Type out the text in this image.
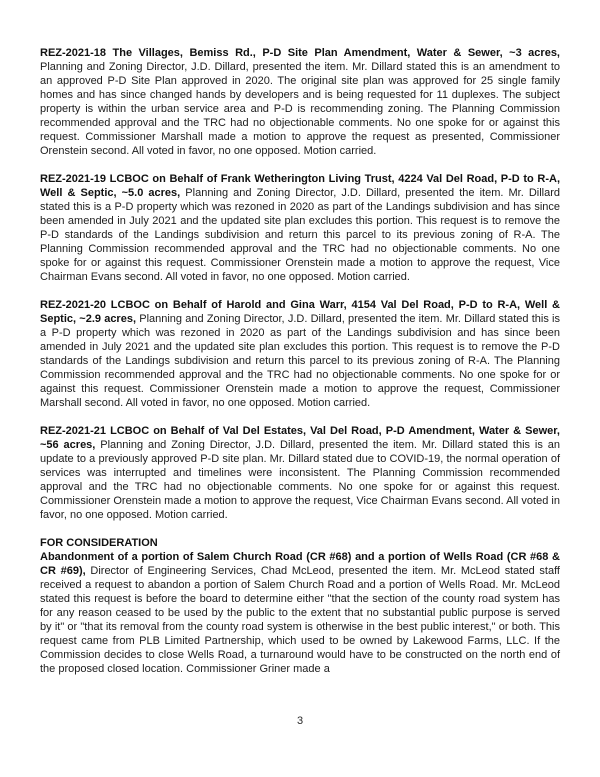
REZ-2021-18 The Villages, Bemiss Rd., P-D Site Plan Amendment, Water & Sewer, ~3 acres, Planning and Zoning Director, J.D. Dillard, presented the item. Mr. Dillard stated this is an amendment to an approved P-D Site Plan approved in 2020. The original site plan was approved for 25 single family homes and has since changed hands by developers and is being requested for 11 duplexes. The subject property is within the urban service area and P-D is recommending zoning. The Planning Commission recommended approval and the TRC had no objectionable comments. No one spoke for or against this request. Commissioner Marshall made a motion to approve the request as presented, Commissioner Orenstein second. All voted in favor, no one opposed. Motion carried.

REZ-2021-19 LCBOC on Behalf of Frank Wetherington Living Trust, 4224 Val Del Road, P-D to R-A, Well & Septic, ~5.0 acres, Planning and Zoning Director, J.D. Dillard, presented the item. Mr. Dillard stated this is a P-D property which was rezoned in 2020 as part of the Landings subdivision and has since been amended in July 2021 and the updated site plan excludes this portion. This request is to remove the P-D standards of the Landings subdivision and return this parcel to its previous zoning of R-A. The Planning Commission recommended approval and the TRC had no objectionable comments. No one spoke for or against this request. Commissioner Orenstein made a motion to approve the request, Vice Chairman Evans second. All voted in favor, no one opposed. Motion carried.

REZ-2021-20 LCBOC on Behalf of Harold and Gina Warr, 4154 Val Del Road, P-D to R-A, Well & Septic, ~2.9 acres, Planning and Zoning Director, J.D. Dillard, presented the item. Mr. Dillard stated this is a P-D property which was rezoned in 2020 as part of the Landings subdivision and has since been amended in July 2021 and the updated site plan excludes this portion. This request is to remove the P-D standards of the Landings subdivision and return this parcel to its previous zoning of R-A. The Planning Commission recommended approval and the TRC had no objectionable comments. No one spoke for or against this request. Commissioner Orenstein made a motion to approve the request, Commissioner Marshall second. All voted in favor, no one opposed. Motion carried.

REZ-2021-21 LCBOC on Behalf of Val Del Estates, Val Del Road, P-D Amendment, Water & Sewer, ~56 acres, Planning and Zoning Director, J.D. Dillard, presented the item. Mr. Dillard stated this is an update to a previously approved P-D site plan. Mr. Dillard stated due to COVID-19, the normal operation of services was interrupted and timelines were inconsistent. The Planning Commission recommended approval and the TRC had no objectionable comments. No one spoke for or against this request. Commissioner Orenstein made a motion to approve the request, Vice Chairman Evans second. All voted in favor, no one opposed. Motion carried.

FOR CONSIDERATION

Abandonment of a portion of Salem Church Road (CR #68) and a portion of Wells Road (CR #68 & CR #69), Director of Engineering Services, Chad McLeod, presented the item. Mr. McLeod stated staff received a request to abandon a portion of Salem Church Road and a portion of Wells Road. Mr. McLeod stated this request is before the board to determine either "that the section of the county road system has for any reason ceased to be used by the public to the extent that no substantial public purpose is served by it" or "that its removal from the county road system is otherwise in the best public interest," or both. This request came from PLB Limited Partnership, which used to be owned by Lakewood Farms, LLC. If the Commission decides to close Wells Road, a turnaround would have to be constructed on the north end of the proposed closed location. Commissioner Griner made a

3
